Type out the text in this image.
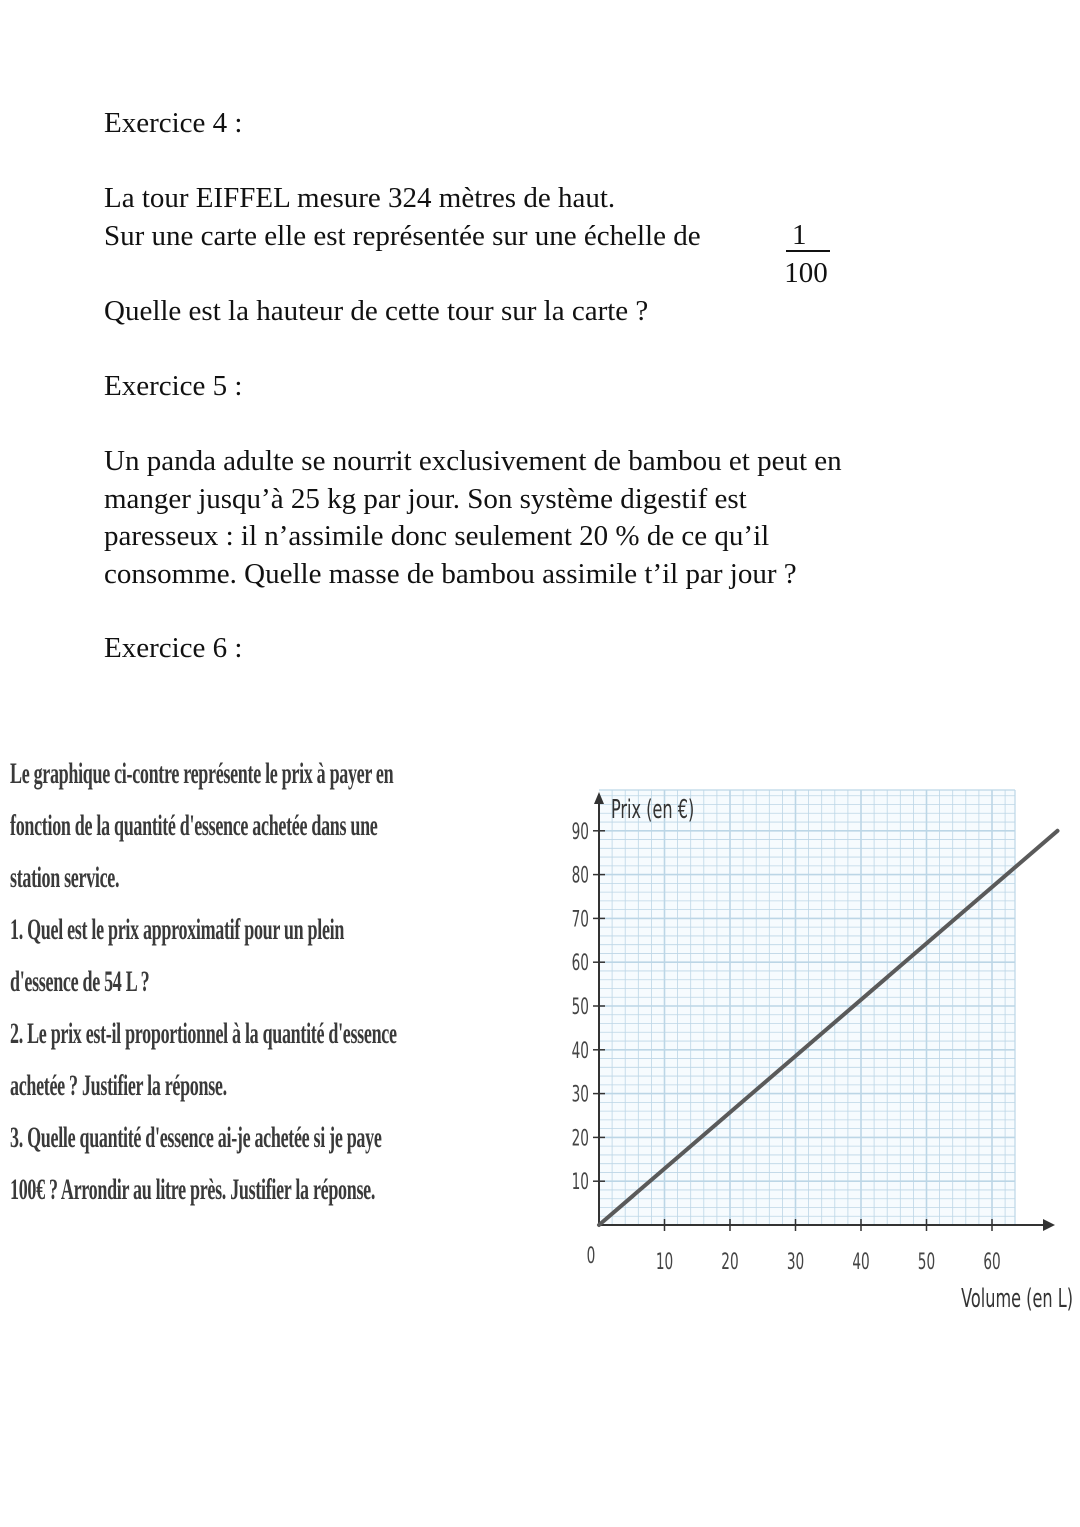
Exercice 4 :
La tour EIFFEL mesure 324 mètres de haut.
Sur une carte elle est représentée sur une échelle de	1
100
Quelle est la hauteur de cette tour sur la carte ?
Exercice 5 :
Un panda adulte se nourrit exclusivement de bambou et peut en
manger jusqu’à 25 kg par jour. Son système digestif est
paresseux : il n’assimile donc seulement 20 % de ce qu’il
consomme. Quelle masse de bambou assimile t’il par jour ?
Exercice 6 :
Le graphique ci-contre représente le prix à payer en
fonction de la quantité d'essence achetée dans une
station service.
1. Quel est le prix approximatif pour un plein
d'essence de 54 L ?
2. Le prix est-il proportionnel à la quantité d'essence
achetée ? Justifier la réponse.
3. Quelle quantité d'essence ai-je achetée si je paye
100€ ? Arrondir au litre près. Justifier la réponse.
10 20 30 40 50 60
10
20
30
40
50
60
70
80
90
0
Prix (en €)
Volume (en L)
